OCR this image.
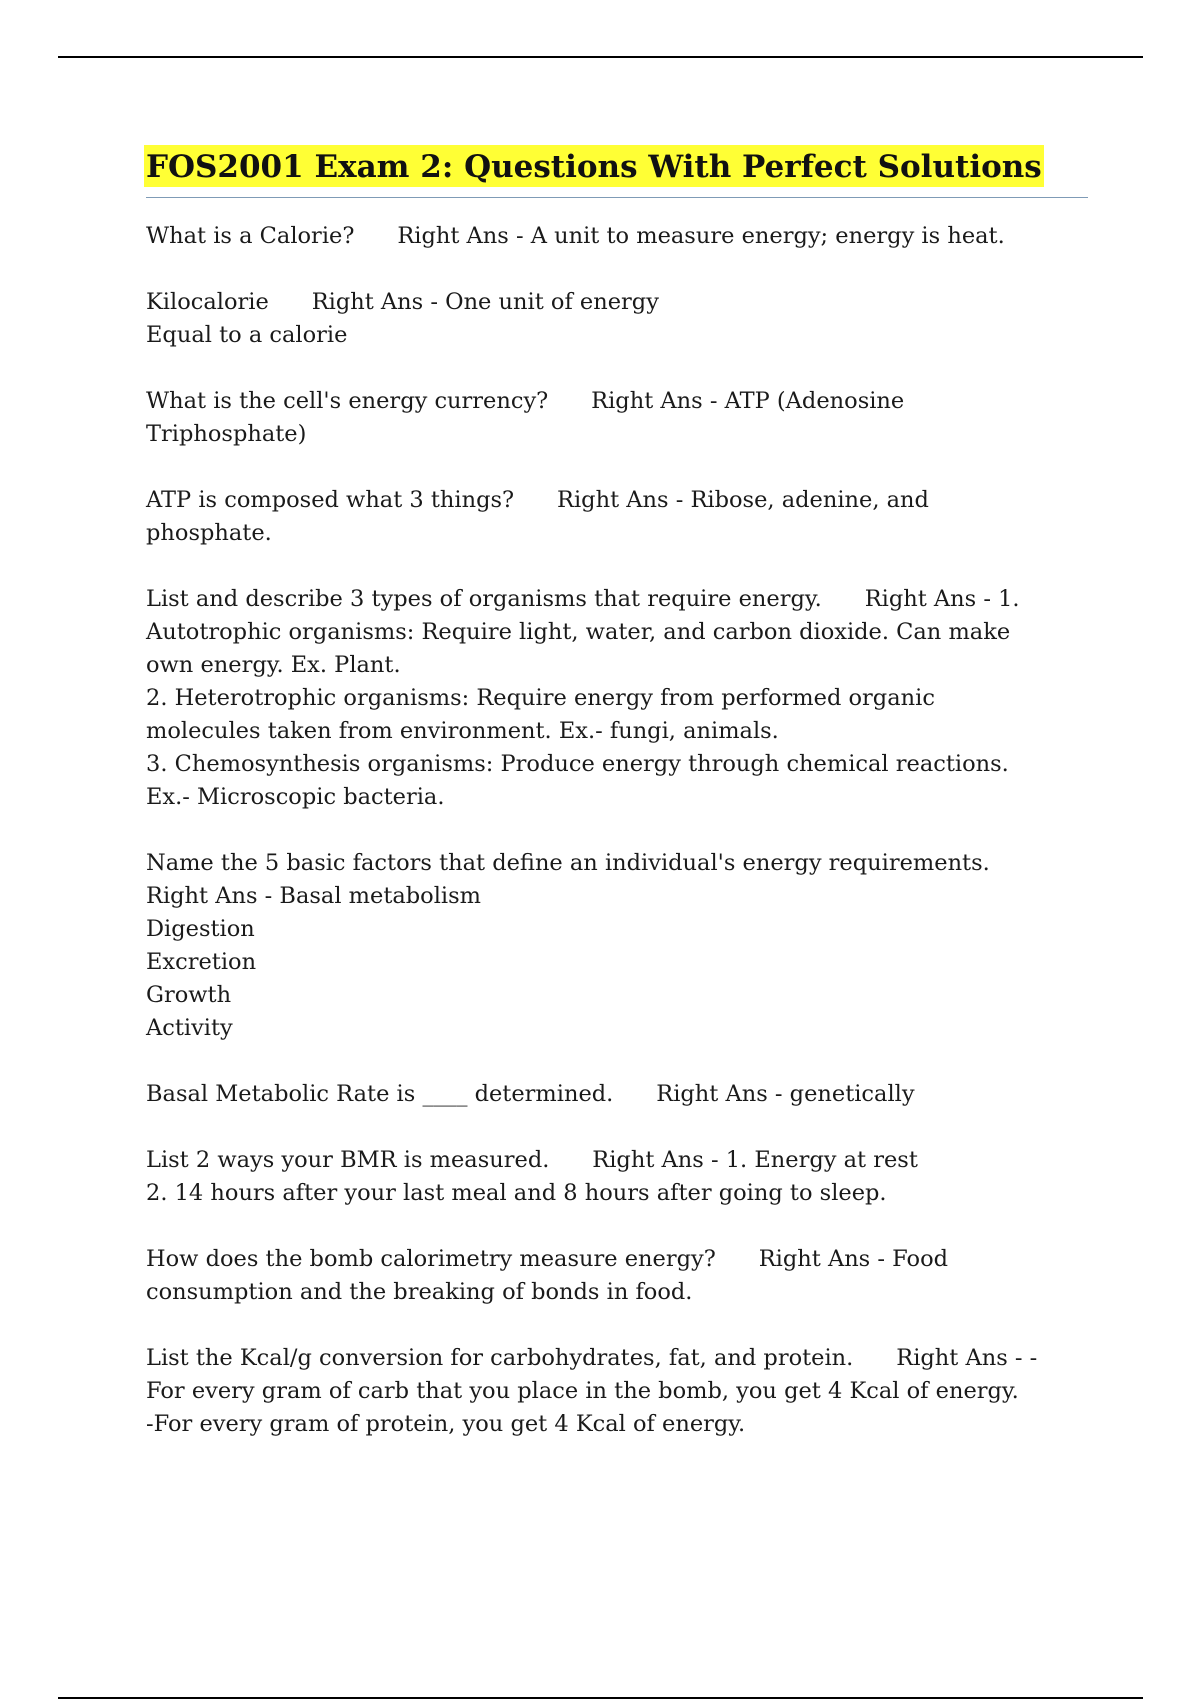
FOS2001 Exam 2: Questions With Perfect Solutions
What is a Calorie? Right Ans - A unit to measure energy; energy is heat.
Kilocalorie Right Ans - One unit of energy
Equal to a calorie
What is the cell's energy currency? Right Ans - ATP (Adenosine
Triphosphate)
ATP is composed what 3 things? Right Ans - Ribose, adenine, and
phosphate.
List and describe 3 types of organisms that require energy. Right Ans - 1.
Autotrophic organisms: Require light, water, and carbon dioxide. Can make
own energy. Ex. Plant.
2. Heterotrophic organisms: Require energy from performed organic
molecules taken from environment. Ex.- fungi, animals.
3. Chemosynthesis organisms: Produce energy through chemical reactions.
Ex.- Microscopic bacteria.
Name the 5 basic factors that define an individual's energy requirements.
Right Ans - Basal metabolism
Digestion
Excretion
Growth
Activity
Basal Metabolic Rate is ____ determined. Right Ans - genetically
List 2 ways your BMR is measured. Right Ans - 1. Energy at rest
2. 14 hours after your last meal and 8 hours after going to sleep.
How does the bomb calorimetry measure energy? Right Ans - Food
consumption and the breaking of bonds in food.
List the Kcal/g conversion for carbohydrates, fat, and protein. Right Ans - -
For every gram of carb that you place in the bomb, you get 4 Kcal of energy.
-For every gram of protein, you get 4 Kcal of energy.
